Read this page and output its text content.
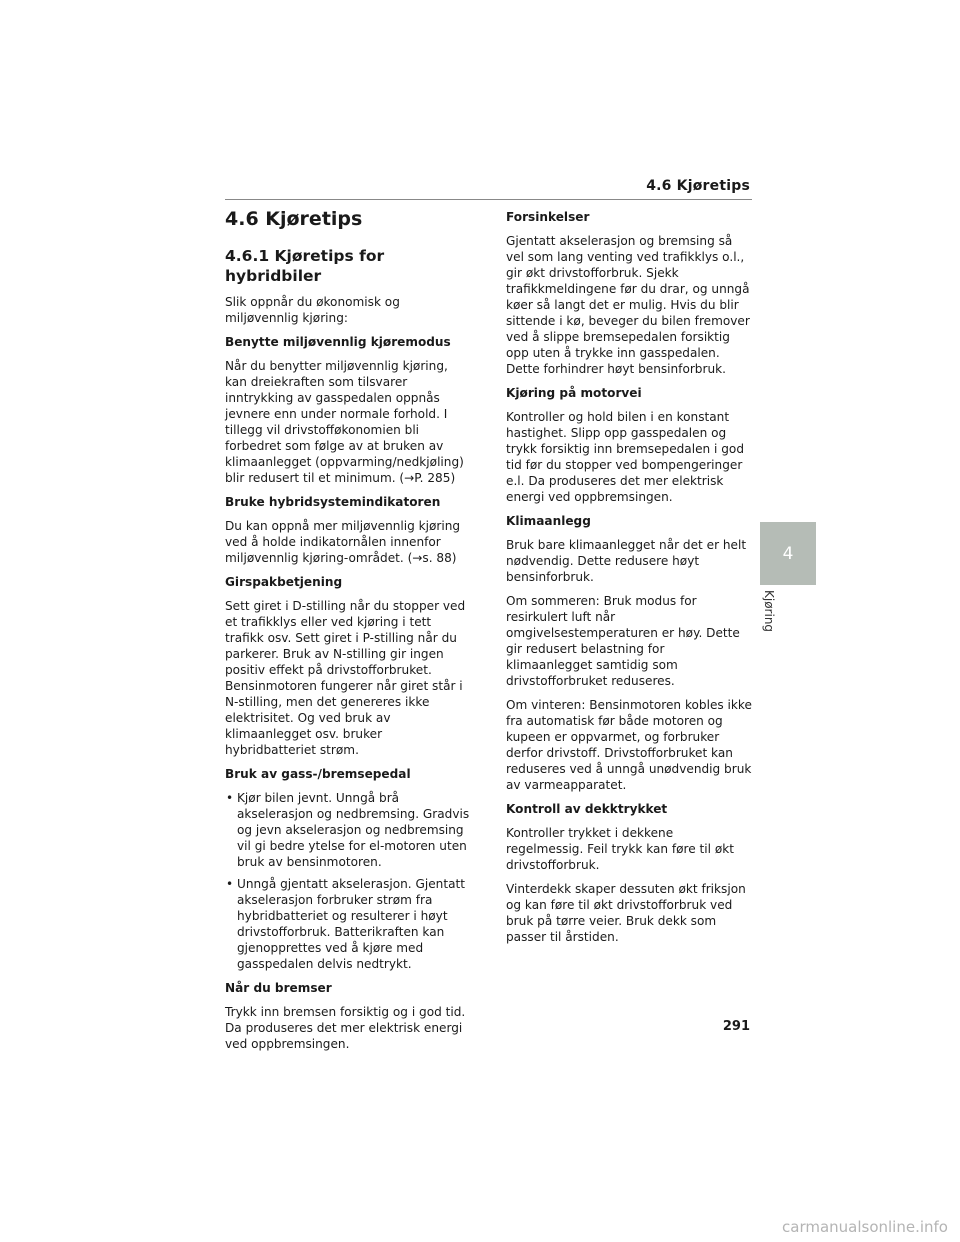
4.6 Kjøretips
4.6 Kjøretips
4.6.1 Kjøretips for hybridbiler

Slik oppnår du økonomisk og miljøvennlig kjøring:

Benytte miljøvennlig kjøremodus

Når du benytter miljøvennlig kjøring, kan dreiekraften som tilsvarer inntrykking av gasspedalen oppnås jevnere enn under normale forhold. I tillegg vil drivstofføkonomien bli forbedret som følge av at bruken av klimaanlegget (oppvarming/nedkjøling) blir redusert til et minimum. (→P. 285)

Bruke hybridsystemindikatoren

Du kan oppnå mer miljøvennlig kjøring ved å holde indikatornålen innenfor miljøvennlig kjøring-området. (→s. 88)

Girspakbetjening

Sett giret i D-stilling når du stopper ved et trafikklys eller ved kjøring i tett trafikk osv. Sett giret i P-stilling når du parkerer. Bruk av N-stilling gir ingen positiv effekt på drivstofforbruket. Bensinmotoren fungerer når giret står i N-stilling, men det genereres ikke elektrisitet. Og ved bruk av klimaanlegget osv. bruker hybridbatteriet strøm.

Bruk av gass-/bremsepedal
• Kjør bilen jevnt. Unngå brå akselerasjon og nedbremsing. Gradvis og jevn akselerasjon og nedbremsing vil gi bedre ytelse for el-motoren uten bruk av bensinmotoren.
• Unngå gjentatt akselerasjon. Gjentatt akselerasjon forbruker strøm fra hybridbatteriet og resulterer i høyt drivstofforbruk. Batterikraften kan gjenopprettes ved å kjøre med gasspedalen delvis nedtrykt.
Når du bremser

Trykk inn bremsen forsiktig og i god tid. Da produseres det mer elektrisk energi ved oppbremsingen.

Forsinkelser

Gjentatt akselerasjon og bremsing så vel som lang venting ved trafikklys o.l., gir økt drivstofforbruk. Sjekk trafikkmeldingene før du drar, og unngå køer så langt det er mulig. Hvis du blir sittende i kø, beveger du bilen fremover ved å slippe bremsepedalen forsiktig opp uten å trykke inn gasspedalen. Dette forhindrer høyt bensinforbruk.

Kjøring på motorvei

Kontroller og hold bilen i en konstant hastighet. Slipp opp gasspedalen og trykk forsiktig inn bremsepedalen i god tid før du stopper ved bompengeringer e.l. Da produseres det mer elektrisk energi ved oppbremsingen.

Klimaanlegg

Bruk bare klimaanlegget når det er helt nødvendig. Dette redusere høyt bensinforbruk.

Om sommeren: Bruk modus for resirkulert luft når omgivelsestemperaturen er høy. Dette gir redusert belastning for klimaanlegget samtidig som drivstofforbruket reduseres.

Om vinteren: Bensinmotoren kobles ikke fra automatisk før både motoren og kupeen er oppvarmet, og forbruker derfor drivstoff. Drivstofforbruket kan reduseres ved å unngå unødvendig bruk av varmeapparatet.

Kontroll av dekktrykket

Kontroller trykket i dekkene regelmessig. Feil trykk kan føre til økt drivstofforbruk.

Vinterdekk skaper dessuten økt friksjon og kan føre til økt drivstofforbruk ved bruk på tørre veier. Bruk dekk som passer til årstiden.

4
Kjøring
291
carmanualsonline.info
